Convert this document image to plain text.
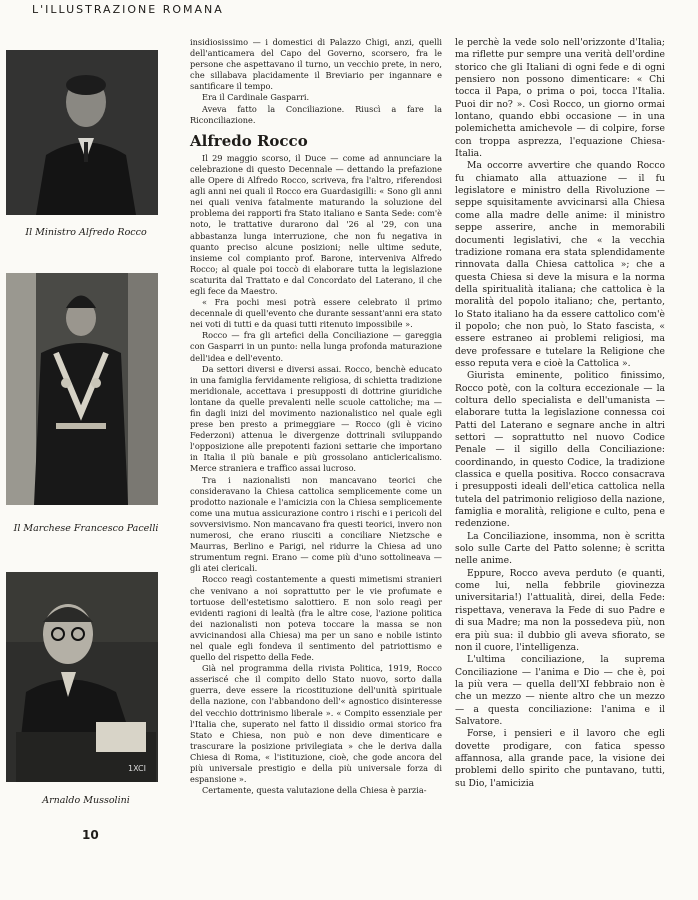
L'ILLUSTRAZIONE ROMANA
Il Ministro Alfredo Rocco
Il Marchese Francesco Pacelli
1XCI
Arnaldo Mussolini

insidiosissimo — i domestici di Palazzo Chigi, anzi, quelli dell'anticamera del Capo del Governo, scorsero, fra le persone che aspettavano il turno, un vecchio prete, in nero, che sillabava placidamente il Breviario per ingannare e santificare il tempo.

Era il Cardinale Gasparri.

Aveva fatto la Conciliazione. Riuscì a fare la Riconciliazione.

Alfredo Rocco

Il 29 maggio scorso, il Duce — come ad annunciare la celebrazione di questo Decennale — dettando la prefazione alle Opere di Alfredo Rocco, scriveva, fra l'altro, riferendosi agli anni nei quali il Rocco era Guardasigilli: « Sono gli anni nei quali veniva fatalmente maturando la soluzione del problema dei rapporti fra Stato italiano e Santa Sede: com'è noto, le trattative durarono dal '26 al '29, con una abbastanza lunga interruzione, che non fu negativa in quanto preciso alcune posizioni; nelle ultime sedute, insieme col compianto prof. Barone, interveniva Alfredo Rocco; al quale poi toccò di elaborare tutta la legislazione scaturita dal Trattato e dal Concordato del Laterano, il che egli fece da Maestro.

« Fra pochi mesi potrà essere celebrato il primo decennale di quell'evento che durante sessant'anni era stato nei voti di tutti e da quasi tutti ritenuto impossibile ».

Rocco — fra gli artefici della Conciliazione — gareggia con Gasparri in un punto: nella lunga profonda maturazione dell'idea e dell'evento.

Da settori diversi e diversi assai. Rocco, benchè educato in una famiglia fervidamente religiosa, di schietta tradizione meridionale, accettava i presupposti di dottrine giuridiche lontane da quelle prevalenti nelle scuole cattoliche; ma — fin dagli inizi del movimento nazionalistico nel quale egli prese ben presto a primeggiare — Rocco (gli è vicino Federzoni) attenua le divergenze dottrinali sviluppando l'opposizione alle prepotenti fazioni settarie che importano in Italia il più banale e più grossolano anticlericalismo. Merce straniera e traffico assai lucroso.

Tra i nazionalisti non mancavano teorici che consideravano la Chiesa cattolica semplicemente come un prodotto nazionale e l'amicizia con la Chiesa semplicemente come una mutua assicurazione contro i rischi e i pericoli del sovversivismo. Non mancavano fra questi teorici, invero non numerosi, che erano riusciti a conciliare Nietzsche e Maurras, Berlino e Parigi, nel ridurre la Chiesa ad uno strumentum regni. Erano — come più d'uno sottolineava — gli atei clericali.

Rocco reagì costantemente a questi mimetismi stranieri che venivano a noi soprattutto per le vie profumate e tortuose dell'estetismo salottiero. E non solo reagì per evidenti ragioni di lealtà (fra le altre cose, l'azione politica dei nazionalisti non poteva toccare la massa se non avvicinandosi alla Chiesa) ma per un sano e nobile istinto nel quale egli fondeva il sentimento del patriottismo e quello del rispetto della Fede.

Già nel programma della rivista Politica, 1919, Rocco asseriscé che il compito dello Stato nuovo, sorto dalla guerra, deve essere la ricostituzione dell'unità spirituale della nazione, con l'abbandono dell'« agnostico disinteresse del vecchio dottrinismo liberale ». « Compito essenziale per l'Italia che, superato nel fatto il dissidio ormai storico fra Stato e Chiesa, non può e non deve dimenticare e trascurare la posizione privilegiata » che le deriva dalla Chiesa di Roma, « l'istituzione, cioè, che gode ancora del più universale prestigio e della più universale forza di espansione ».

Certamente, questa valutazione della Chiesa è parzia-

le perchè la vede solo nell'orizzonte d'Italia; ma riflette pur sempre una verità dell'ordine storico che gli Italiani di ogni fede e di ogni pensiero non possono dimenticare: « Chi tocca il Papa, o prima o poi, tocca l'Italia. Puoi dir no? ». Così Rocco, un giorno ormai lontano, quando ebbi occasione — in una polemichetta amichevole — di colpire, forse con troppa asprezza, l'equazione Chiesa-Italia.

Ma occorre avvertire che quando Rocco fu chiamato alla attuazione — il fu legislatore e ministro della Rivoluzione — seppe squisitamente avvicinarsi alla Chiesa come alla madre delle anime: il ministro seppe asserire, anche in memorabili documenti legislativi, che « la vecchia tradizione romana era stata splendidamente rinnovata dalla Chiesa cattolica »; che a questa Chiesa si deve la misura e la norma della spiritualità italiana; che cattolica è la moralità del popolo italiano; che, pertanto, lo Stato italiano ha da essere cattolico com'è il popolo; che non può, lo Stato fascista, « essere estraneo ai problemi religiosi, ma deve professare e tutelare la Religione che esso reputa vera e cioè la Cattolica ».

Giurista eminente, politico finissimo, Rocco potè, con la coltura eccezionale — la coltura dello specialista e dell'umanista — elaborare tutta la legislazione connessa coi Patti del Laterano e segnare anche in altri settori — soprattutto nel nuovo Codice Penale — il sigillo della Conciliazione: coordinando, in questo Codice, la tradizione classica e quella positiva. Rocco consacrava i presupposti ideali dell'etica cattolica nella tutela del patrimonio religioso della nazione, famiglia e moralità, religione e culto, pena e redenzione.

La Conciliazione, insomma, non è scritta solo sulle Carte del Patto solenne; è scritta nelle anime.

Eppure, Rocco aveva perduto (e quanti, come lui, nella febbrile giovinezza universitaria!) l'attualità, direi, della Fede: rispettava, venerava la Fede di suo Padre e di sua Madre; ma non la possedeva più, non era più sua: il dubbio gli aveva sfiorato, se non il cuore, l'intelligenza.

L'ultima conciliazione, la suprema Conciliazione — l'anima e Dio — che è, poi la più vera — quella dell'XI febbraio non è che un mezzo — niente altro che un mezzo — a questa conciliazione: l'anima e il Salvatore.

Forse, i pensieri e il lavoro che egli dovette prodigare, con fatica spesso affannosa, alla grande pace, la visione dei problemi dello spirito che puntavano, tutti, su Dio, l'amicizia

10
